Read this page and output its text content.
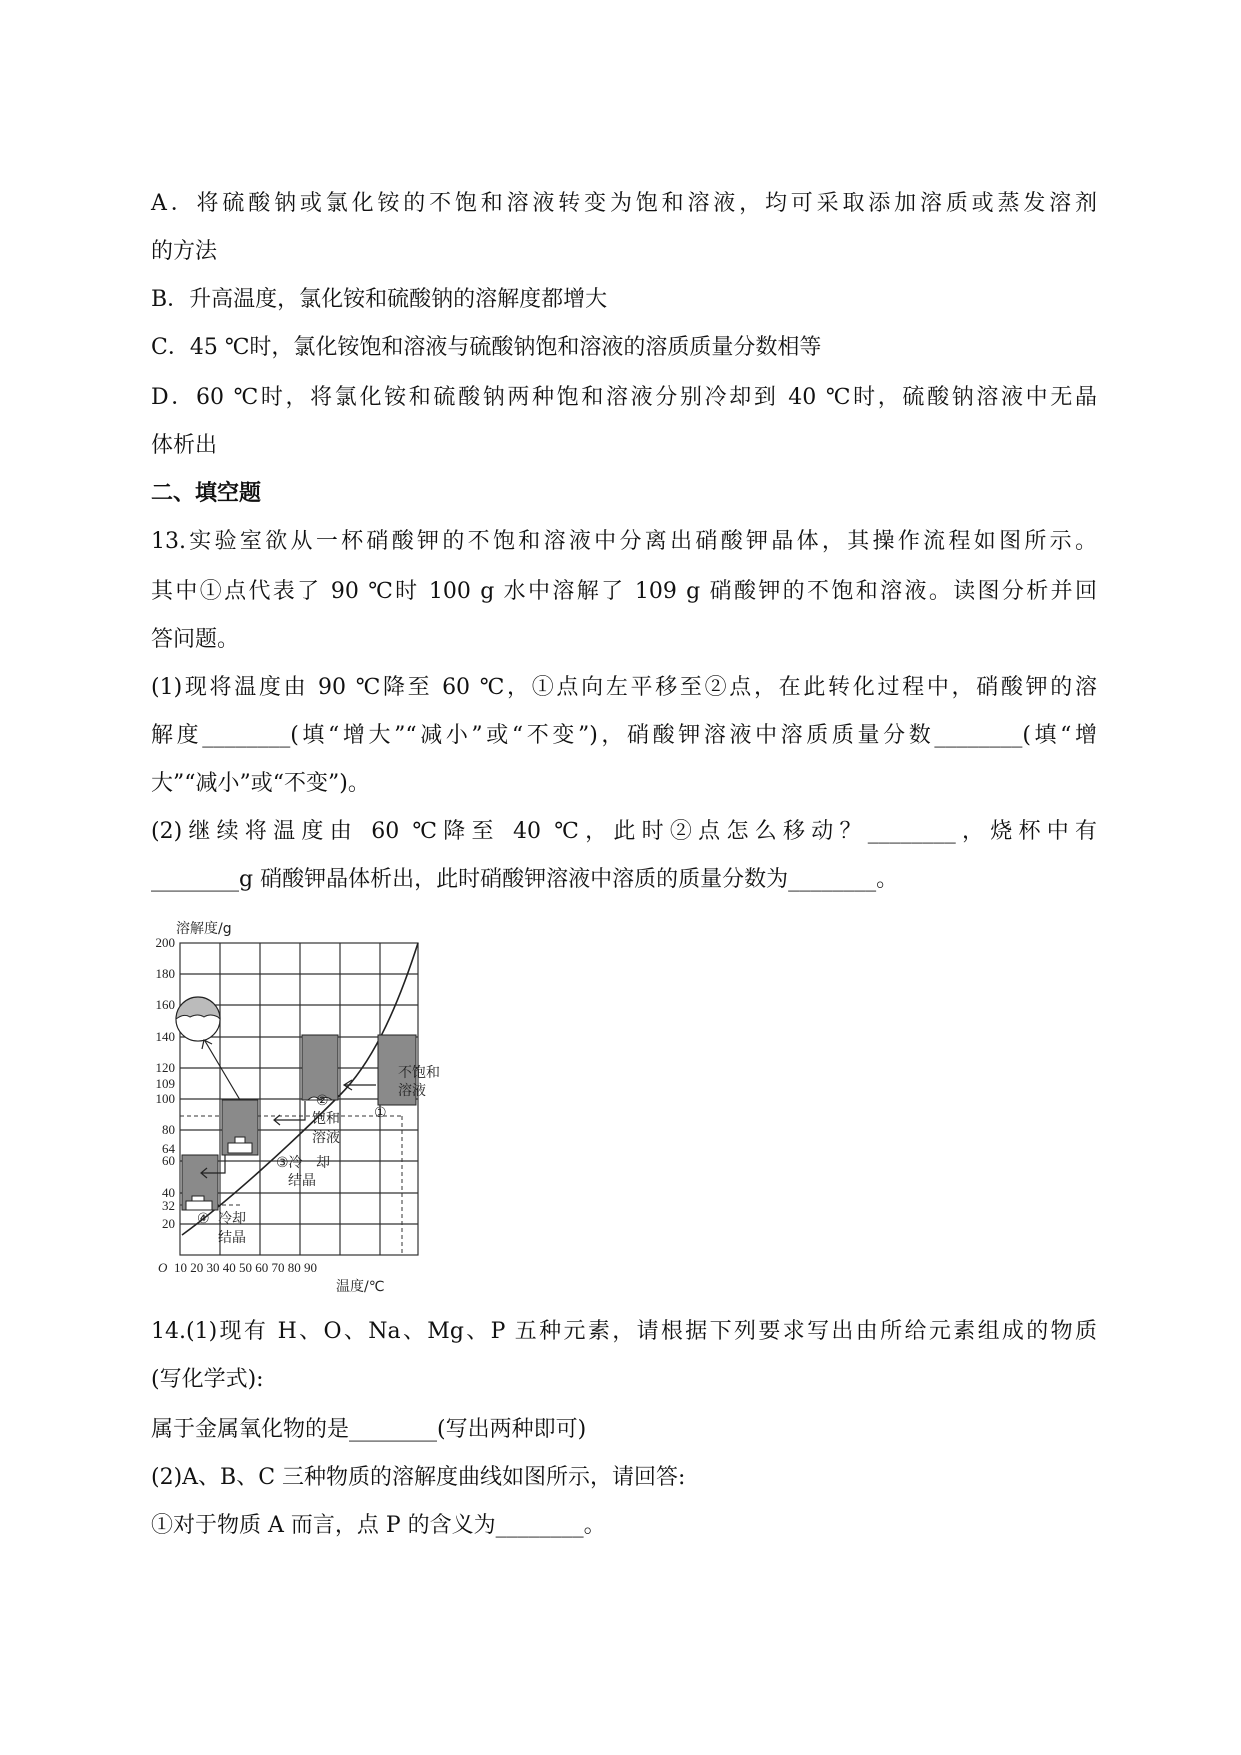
A．将硫酸钠或氯化铵的不饱和溶液转变为饱和溶液，均可采取添加溶质或蒸发溶剂
的方法
B．升高温度，氯化铵和硫酸钠的溶解度都增大
C．45 ℃时，氯化铵饱和溶液与硫酸钠饱和溶液的溶质质量分数相等
D．60 ℃时，将氯化铵和硫酸钠两种饱和溶液分别冷却到 40 ℃时，硫酸钠溶液中无晶
体析出
二、填空题
13.实验室欲从一杯硝酸钾的不饱和溶液中分离出硝酸钾晶体，其操作流程如图所示。
其中①点代表了 90 ℃时 100 g 水中溶解了 109 g 硝酸钾的不饱和溶液。读图分析并回
答问题。
(1)现将温度由 90 ℃降至 60 ℃，①点向左平移至②点，在此转化过程中，硝酸钾的溶
解度________(填“增大”“减小”或“不变”)，硝酸钾溶液中溶质质量分数________(填“增
大”“减小”或“不变”)。
(2)继续将温度由 60 ℃降至 40 ℃，此时②点怎么移动？________，烧杯中有
________g 硝酸钾晶体析出，此时硝酸钾溶液中溶质的质量分数为________。
溶解度/g
200
180
160
140
120
109
100
80
64
60
40
32
20
O 10 20 30 40 50 60 70 80 90
温度/℃
①
不饱和
溶液
②
饱和
溶液
③冷 却
结晶
④ 冷却
结晶
14.(1)现有 H、O、Na、Mg、P 五种元素，请根据下列要求写出由所给元素组成的物质
(写化学式):
属于金属氧化物的是________(写出两种即可)
(2)A、B、C 三种物质的溶解度曲线如图所示，请回答:
①对于物质 A 而言，点 P 的含义为________。
